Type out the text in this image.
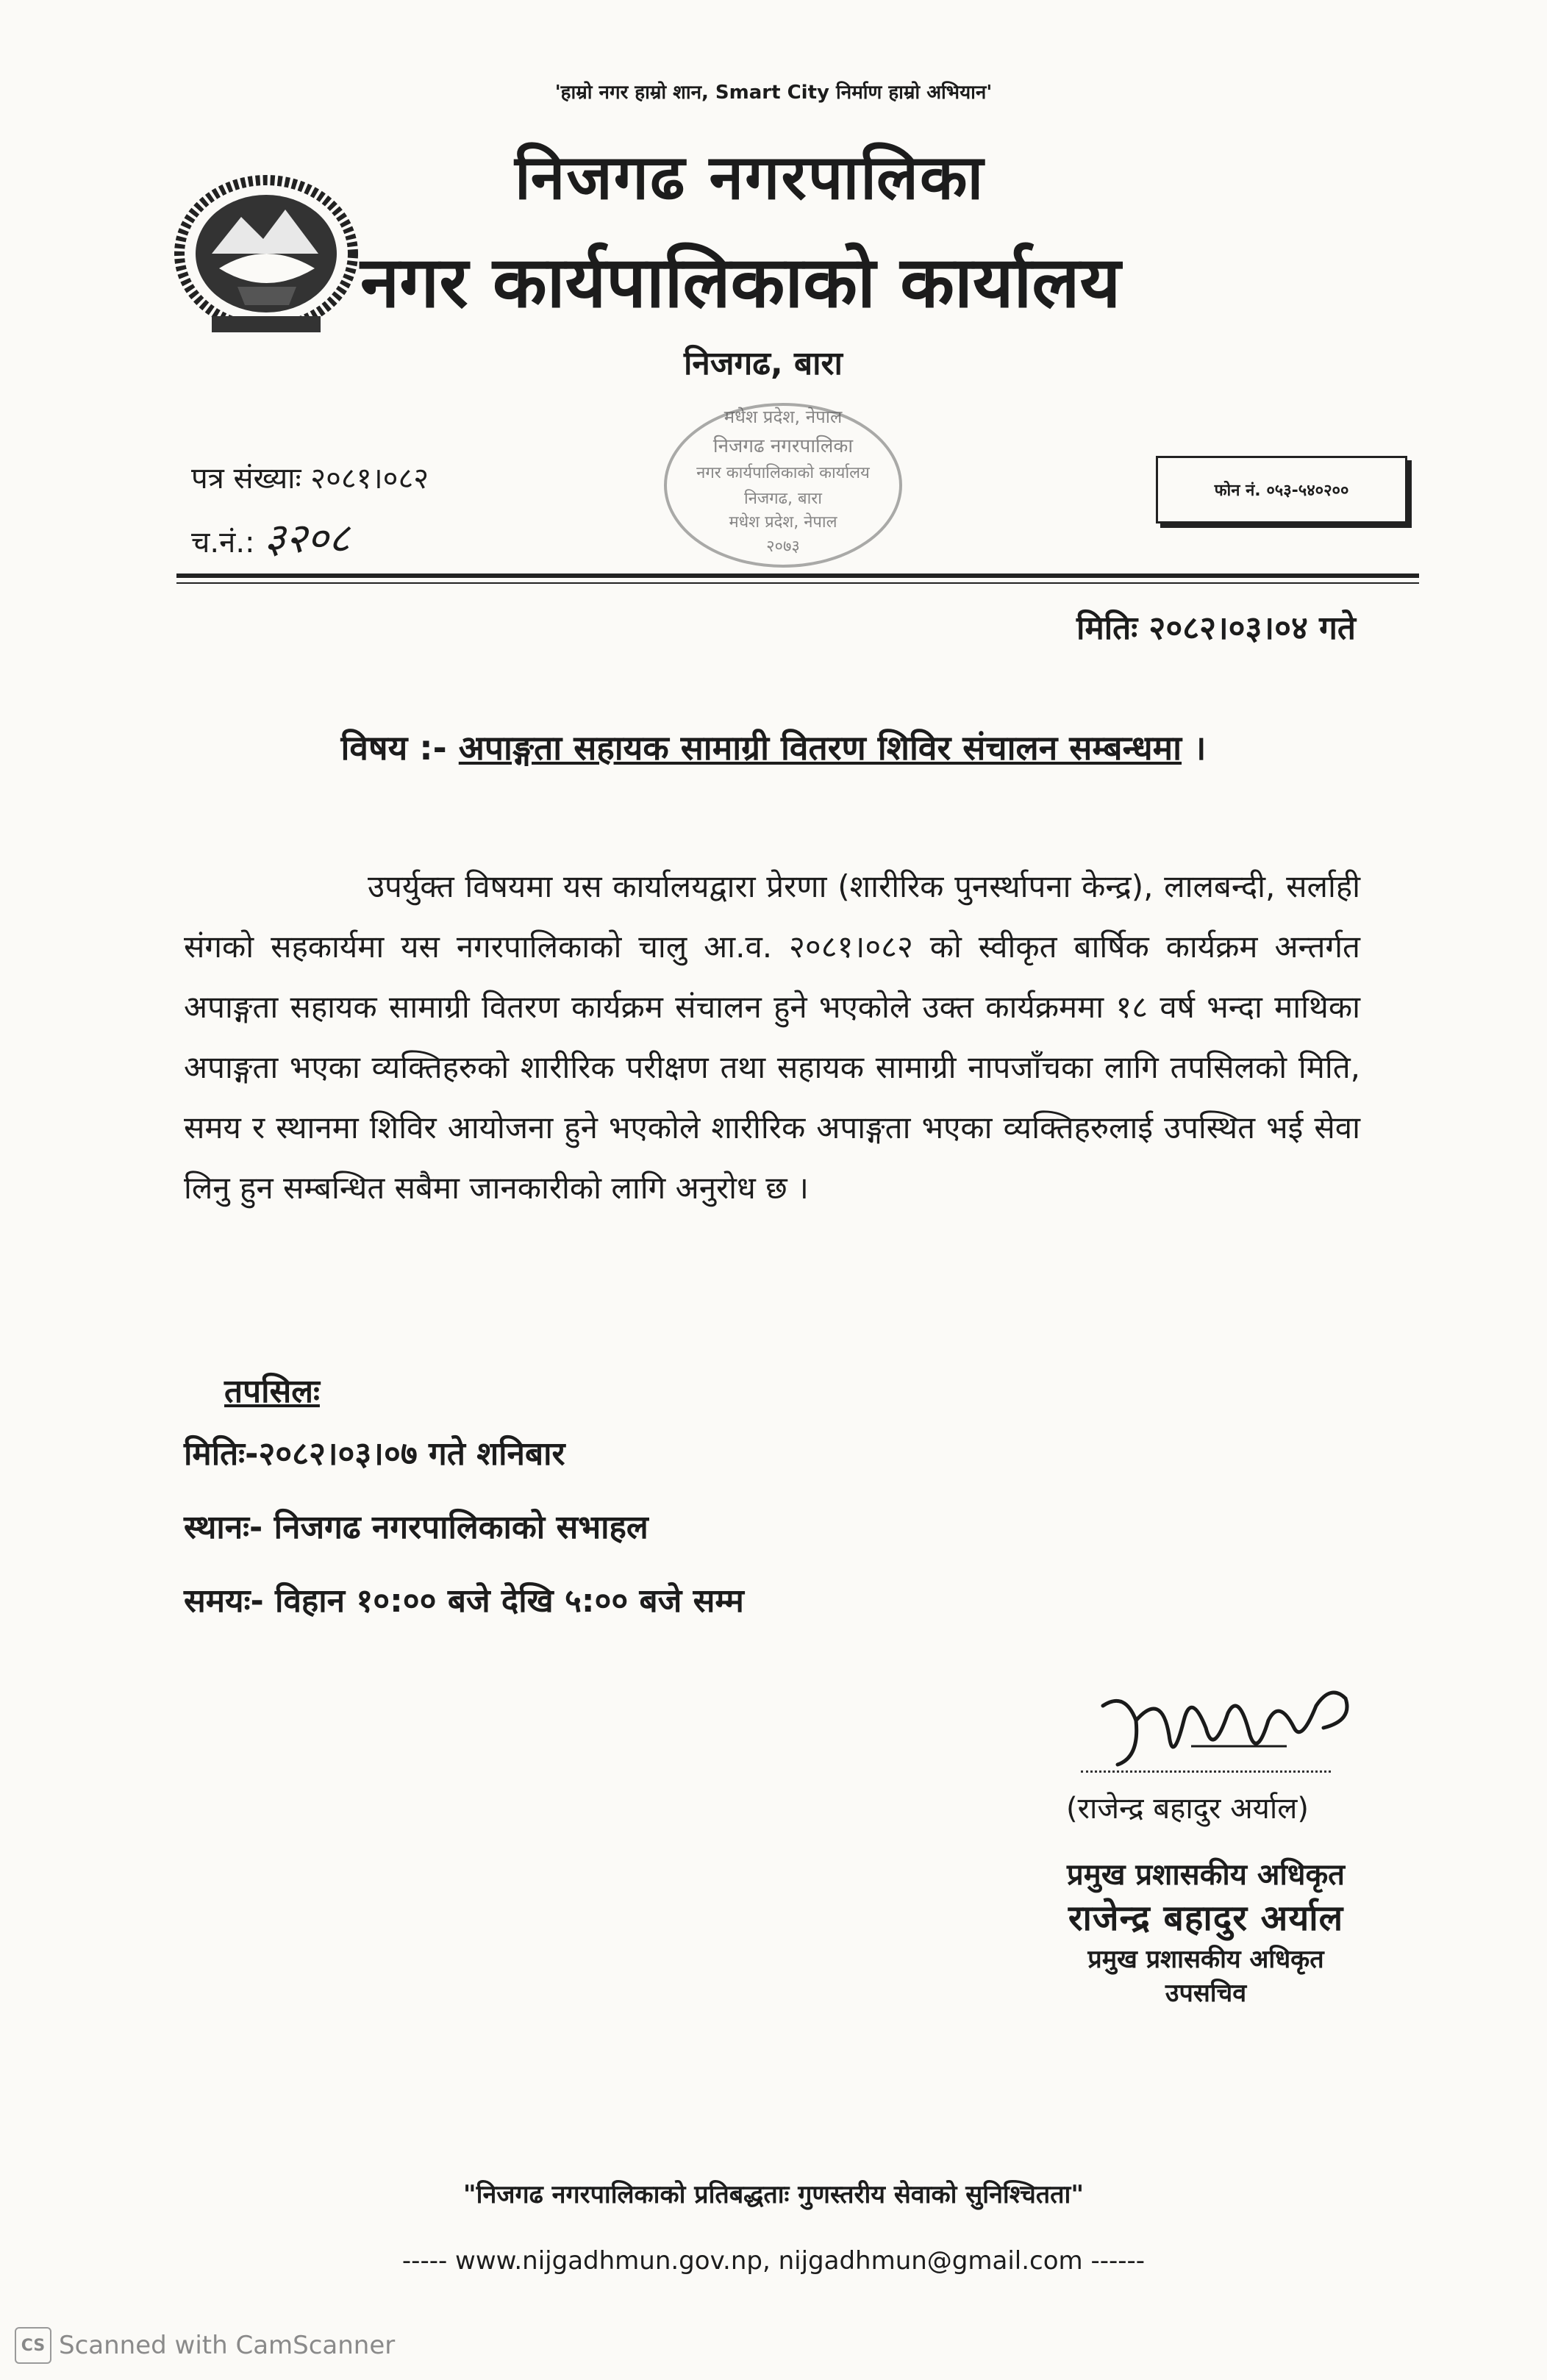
'हाम्रो नगर हाम्रो शान, Smart City निर्माण हाम्रो अभियान'
निजगढ नगरपालिका
नगर कार्यपालिकाको कार्यालय
निजगढ, बारा
मधेश प्रदेश, नेपाल
निजगढ नगरपालिका
नगर कार्यपालिकाको कार्यालय
निजगढ, बारा
मधेश प्रदेश, नेपाल
२०७३
पत्र संख्याः २०८१।०८२
च.नं.: ३२०८
फोन नं. ०५३-५४०२००
मितिः २०८२।०३।०४ गते
विषय :- अपाङ्गता सहायक सामाग्री वितरण शिविर संचालन सम्बन्धमा ।

उपर्युक्त विषयमा यस कार्यालयद्वारा प्रेरणा (शारीरिक पुनर्स्थापना केन्द्र), लालबन्दी, सर्लाही संगको सहकार्यमा यस नगरपालिकाको चालु आ.व. २०८१।०८२ को स्वीकृत बार्षिक कार्यक्रम अन्तर्गत अपाङ्गता सहायक सामाग्री वितरण कार्यक्रम संचालन हुने भएकोले उक्त कार्यक्रममा १८ वर्ष भन्दा माथिका अपाङ्गता भएका व्यक्तिहरुको शारीरिक परीक्षण तथा सहायक सामाग्री नापजाँचका लागि तपसिलको मिति, समय र स्थानमा शिविर आयोजना हुने भएकोले शारीरिक अपाङ्गता भएका व्यक्तिहरुलाई उपस्थित भई सेवा लिनु हुन सम्बन्धित सबैमा जानकारीको लागि अनुरोध छ ।

तपसिलः
मितिः-२०८२।०३।०७ गते शनिबार
स्थानः- निजगढ नगरपालिकाको सभाहल
समयः- विहान १०:०० बजे देखि ५:०० बजे सम्म
(राजेन्द्र बहादुर अर्याल)
प्रमुख प्रशासकीय अधिकृत
राजेन्द्र बहादुर अर्याल
प्रमुख प्रशासकीय अधिकृत
उपसचिव
"निजगढ नगरपालिकाको प्रतिबद्धताः गुणस्तरीय सेवाको सुनिश्चितता"
----- www.nijgadhmun.gov.np, nijgadhmun@gmail.com ------
CS Scanned with CamScanner
